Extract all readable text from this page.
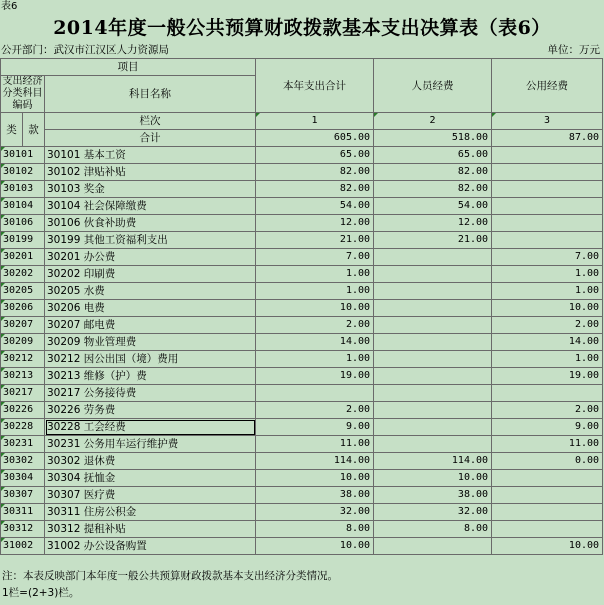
表6
2014年度一般公共预算财政拨款基本支出决算表（表6）
公开部门：武汉市江汉区人力资源局	单位：万元
项目			本年支出合计	人员经费	公用经费
支出经济分类科目编码		科目名称			

类	款	栏次	1	2	3
		合计	605.00	518.00	87.00
30101		30101 基本工资	65.00	65.00	
30102		30102 津贴补贴	82.00	82.00	
30103		30103 奖金	82.00	82.00	
30104		30104 社会保障缴费	54.00	54.00	
30106		30106 伙食补助费	12.00	12.00	
30199		30199 其他工资福利支出	21.00	21.00	
30201		30201 办公费	7.00		7.00
30202		30202 印刷费	1.00		1.00
30205		30205 水费	1.00		1.00
30206		30206 电费	10.00		10.00
30207		30207 邮电费	2.00		2.00
30209		30209 物业管理费	14.00		14.00
30212		30212 因公出国（境）费用	1.00		1.00
30213		30213 维修（护）费	19.00		19.00
30217		30217 公务接待费			
30226		30226 劳务费	2.00		2.00
30228		30228 工会经费	9.00		9.00
30231		30231 公务用车运行维护费	11.00		11.00
30302		30302 退休费	114.00	114.00	0.00
30304		30304 抚恤金	10.00	10.00	
30307		30307 医疗费	38.00	38.00	
30311		30311 住房公积金	32.00	32.00	
30312		30312 提租补贴	8.00	8.00	
31002		31002 办公设备购置	10.00		10.00
注：本表反映部门本年度一般公共预算财政拨款基本支出经济分类情况。
1栏=(2+3)栏。
